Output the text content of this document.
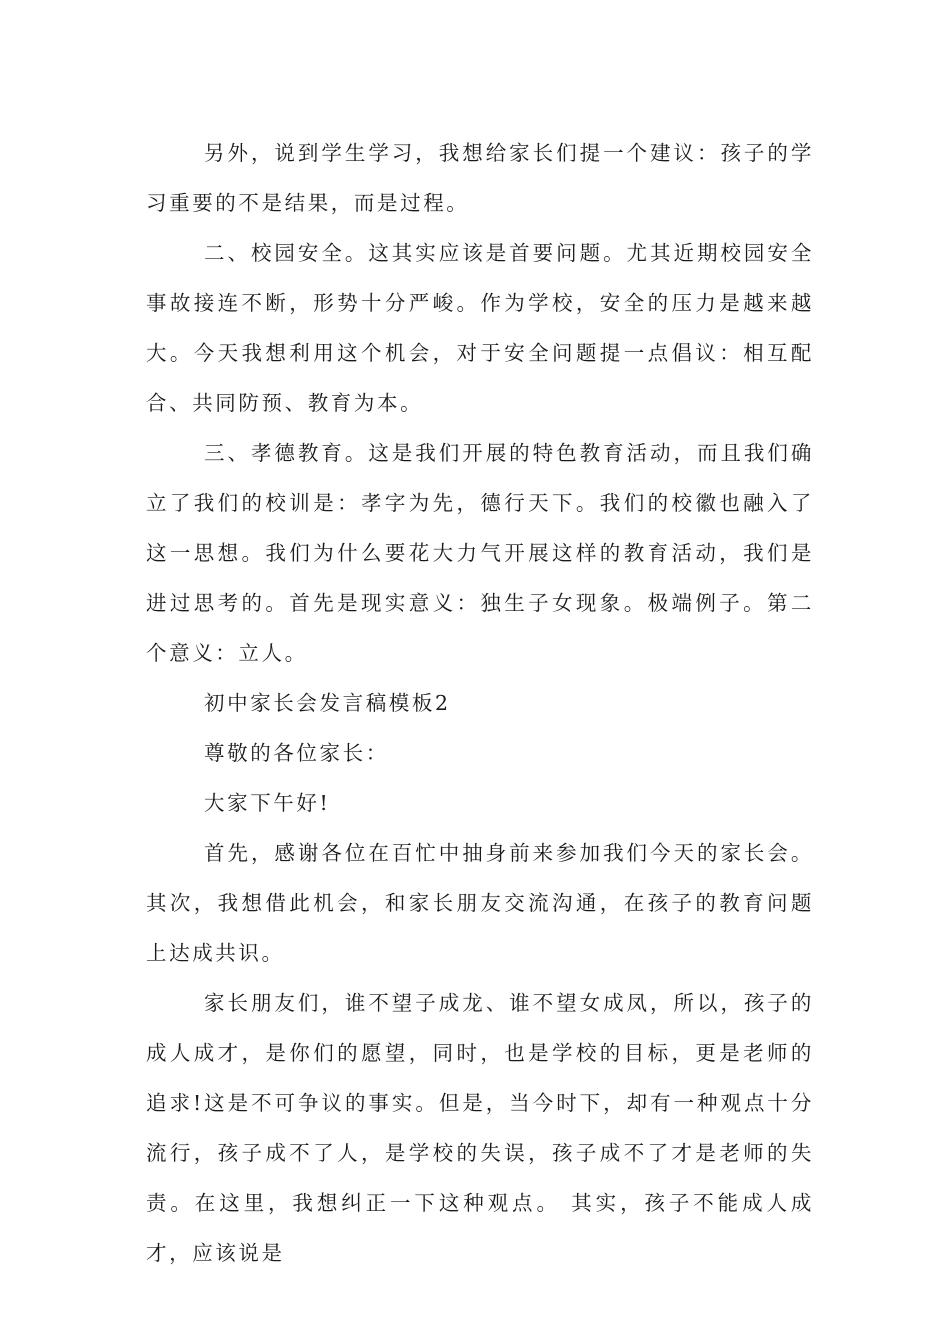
另外，说到学生学习，我想给家长们提一个建议：孩子的学习重要的不是结果，而是过程。

二、校园安全。这其实应该是首要问题。尤其近期校园安全事故接连不断，形势十分严峻。作为学校，安全的压力是越来越大。今天我想利用这个机会，对于安全问题提一点倡议：相互配合、共同防预、教育为本。

三、孝德教育。这是我们开展的特色教育活动，而且我们确立了我们的校训是：孝字为先，德行天下。我们的校徽也融入了这一思想。我们为什么要花大力气开展这样的教育活动，我们是进过思考的。首先是现实意义：独生子女现象。极端例子。第二个意义：立人。

初中家长会发言稿模板2

尊敬的各位家长：

大家下午好!

首先，感谢各位在百忙中抽身前来参加我们今天的家长会。其次，我想借此机会，和家长朋友交流沟通，在孩子的教育问题上达成共识。

家长朋友们，谁不望子成龙、谁不望女成凤，所以，孩子的成人成才，是你们的愿望，同时，也是学校的目标，更是老师的追求!这是不可争议的事实。但是，当今时下，却有一种观点十分流行，孩子成不了人，是学校的失误，孩子成不了才是老师的失责。在这里，我想纠正一下这种观点。 其实，孩子不能成人成才，应该说是
